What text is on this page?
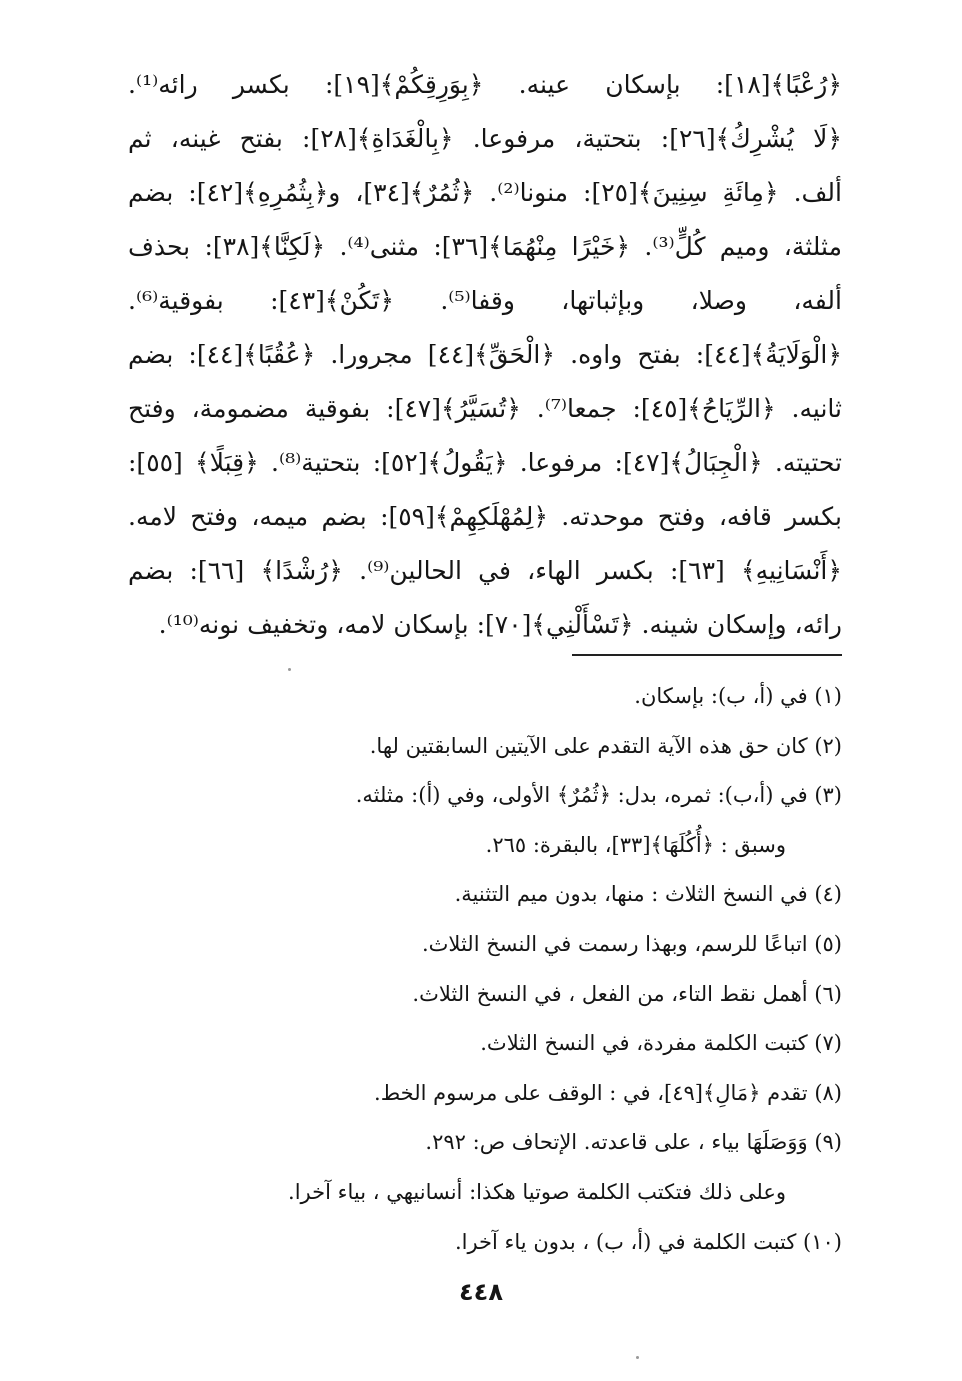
﴿رُعْبًا﴾[١٨]: بإسكان عينه. ﴿بِوَرِقِكُمْ﴾[١٩]: بكسر رائه⁽¹⁾.
﴿لَا يُشْرِكُ﴾[٢٦]: بتحتية، مرفوعا. ﴿بِالْغَدَاةِ﴾[٢٨]: بفتح غينه، ثم
ألف. ﴿مِائَةِ سِنِينَ﴾[٢٥]: منونا⁽²⁾. ﴿ثُمُرٌ﴾[٣٤]، و﴿بِثُمُرِهِ﴾[٤٢]: بضم
مثلثة، وميم كُلٍّ⁽³⁾. ﴿خَيْرًا مِنْهُمَا﴾[٣٦]: مثنى⁽⁴⁾. ﴿لَكِنَّا﴾[٣٨]: بحذف
ألفه، وصلا، وبإثباتها، وقفا⁽⁵⁾. ﴿تَكُنْ﴾[٤٣]: بفوقية⁽⁶⁾.
﴿الْوَلَايَةُ﴾[٤٤]: بفتح واوه. ﴿الْحَقِّ﴾[٤٤] مجرورا. ﴿عُقُبًا﴾[٤٤]: بضم
ثانيه. ﴿الرِّيَاحُ﴾[٤٥]: جمعا⁽⁷⁾. ﴿تُسَيَّرُ﴾[٤٧]: بفوقية مضمومة، وفتح
تحتيته. ﴿الْجِبَالُ﴾[٤٧]: مرفوعا. ﴿يَقُولُ﴾[٥٢]: بتحتية⁽⁸⁾. ﴿قِبَلًا﴾ [٥٥]:
بكسر قافه، وفتح موحدته. ﴿لِمُهْلَكِهِمْ﴾[٥٩]: بضم ميمه، وفتح لامه.
﴿أَنْسَانِيهِ﴾ [٦٣]: بكسر الهاء، في الحالين⁽⁹⁾. ﴿رُشْدًا﴾ [٦٦]: بضم
رائه، وإسكان شينه. ﴿تَسْأَلْنِي﴾[٧٠]: بإسكان لامه، وتخفيف نونه⁽¹⁰⁾.
(١) في (أ، ب): بإسكان.
(٢) كان حق هذه الآية التقدم على الآيتين السابقتين لها.
(٣) في (أ،ب): ثمره، بدل: ﴿ثُمُرٌ﴾ الأولى، وفي (أ): مثلثه.
وسبق : ﴿أُكُلَهَا﴾[٣٣]، بالبقرة: ٢٦٥.
(٤) في النسخ الثلاث : منها، بدون ميم التثنية.
(٥) اتباعًا للرسم، وبهذا رسمت في النسخ الثلاث.
(٦) أهمل نقط التاء، من الفعل ، في النسخ الثلاث.
(٧) كتبت الكلمة مفردة، في النسخ الثلاث.
(٨) تقدم ﴿مَالِ﴾[٤٩]، في : الوقف على مرسوم الخط.
(٩) وَوَصَلَهَا بياء ، على قاعدته. الإتحاف ص: ٢٩٢.
وعلى ذلك فتكتب الكلمة صوتيا هكذا: أنسانيهي ، بياء آخرا.
(١٠) كتبت الكلمة في (أ، ب) ، بدون ياء آخرا.
٤٤٨
